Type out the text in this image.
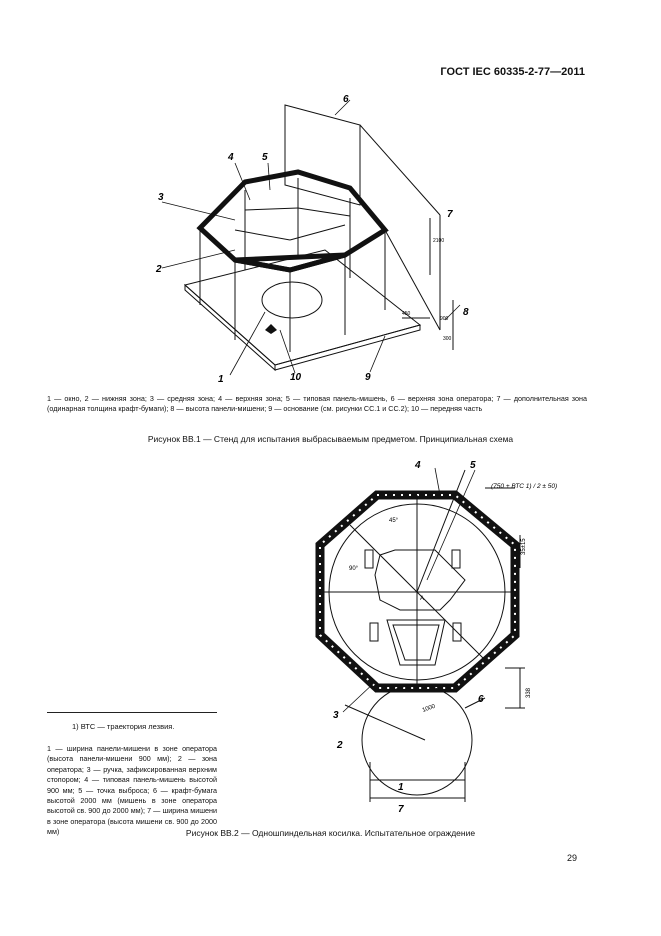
ГОСТ IEC 60335-2-77—2011
3
2
4	5
6
7
8
1	10	9
2100
900
300
450
1 — окно, 2 — нижняя зона; 3 — средняя зона; 4 — верхняя зона; 5 — типовая панель-мишень, 6 — верхняя зона оператора; 7 — дополнительная зона (одинарная толщина крафт-бумаги); 8 — высота панели-мишени; 9 — основание (см. рисунки СС.1 и СС.2); 10 — передняя часть
Рисунок ВВ.1 — Стенд для испытания выбрасываемым предметом. Принципиальная схема
4	5
3
2
6
1
7
(750 + ВТС 1) / 2 ± 50)
35±15
338
1000
45°
90°
А
1) ВТС — траектория лезвия.
1 — ширина панели-мишени в зоне оператора (высота панели-мишени 900 мм); 2 — зона оператора; 3 — ручка, зафиксированная верхним стопором; 4 — типовая панель-мишень высотой 900 мм; 5 — точка выброса; 6 — крафт-бумага высотой 2000 мм (мишень в зоне оператора высотой св. 900 до 2000 мм); 7 — ширина мишени в зоне оператора (высота мишени св. 900 до 2000 мм)	Рисунок ВВ.2 — Одношпиндельная косилка. Испытательное ограждение
29
